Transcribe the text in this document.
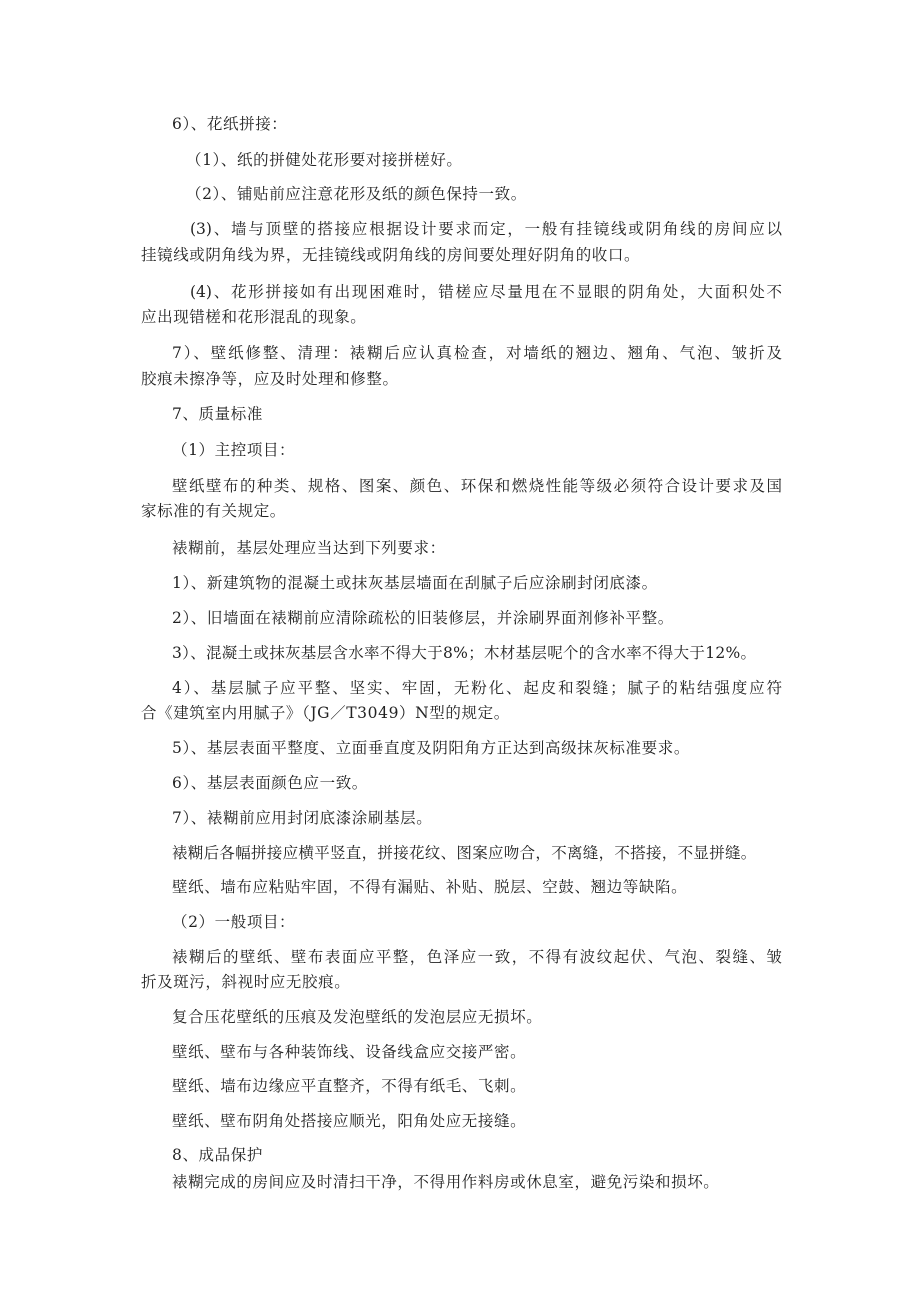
6）、花纸拼接：
（1）、纸的拼健处花形要对接拼槎好。
（2）、铺贴前应注意花形及纸的颜色保持一致。
(3)、墙与顶壁的搭接应根据设计要求而定，一般有挂镜线或阴角线的房间应以
挂镜线或阴角线为界，无挂镜线或阴角线的房间要处理好阴角的收口。
(4)、花形拼接如有出现困难时，错槎应尽量甩在不显眼的阴角处，大面积处不
应出现错槎和花形混乱的现象。
7）、壁纸修整、清理：裱糊后应认真检查，对墙纸的翘边、翘角、气泡、皱折及
胶痕未擦净等，应及时处理和修整。
7、质量标准
（1）主控项目：
壁纸壁布的种类、规格、图案、颜色、环保和燃烧性能等级必须符合设计要求及国
家标准的有关规定。
裱糊前，基层处理应当达到下列要求：
1）、新建筑物的混凝土或抹灰基层墙面在刮腻子后应涂刷封闭底漆。
2）、旧墙面在裱糊前应清除疏松的旧装修层，并涂刷界面剂修补平整。
3）、混凝土或抹灰基层含水率不得大于8%；木材基层呢个的含水率不得大于12%。
4）、基层腻子应平整、坚实、牢固，无粉化、起皮和裂缝；腻子的粘结强度应符
合《建筑室内用腻子》（JG／T3049）N型的规定。
5）、基层表面平整度、立面垂直度及阴阳角方正达到高级抹灰标准要求。
6）、基层表面颜色应一致。
7）、裱糊前应用封闭底漆涂刷基层。
裱糊后各幅拼接应横平竖直，拼接花纹、图案应吻合，不离缝，不搭接，不显拼缝。
壁纸、墙布应粘贴牢固，不得有漏贴、补贴、脱层、空鼓、翘边等缺陷。
（2）一般项目：
裱糊后的壁纸、壁布表面应平整，色泽应一致，不得有波纹起伏、气泡、裂缝、皱
折及斑污，斜视时应无胶痕。
复合压花壁纸的压痕及发泡壁纸的发泡层应无损坏。
壁纸、壁布与各种装饰线、设备线盒应交接严密。
壁纸、墙布边缘应平直整齐，不得有纸毛、飞刺。
壁纸、壁布阴角处搭接应顺光，阳角处应无接缝。
8、成品保护
裱糊完成的房间应及时清扫干净，不得用作料房或休息室，避免污染和损坏。
